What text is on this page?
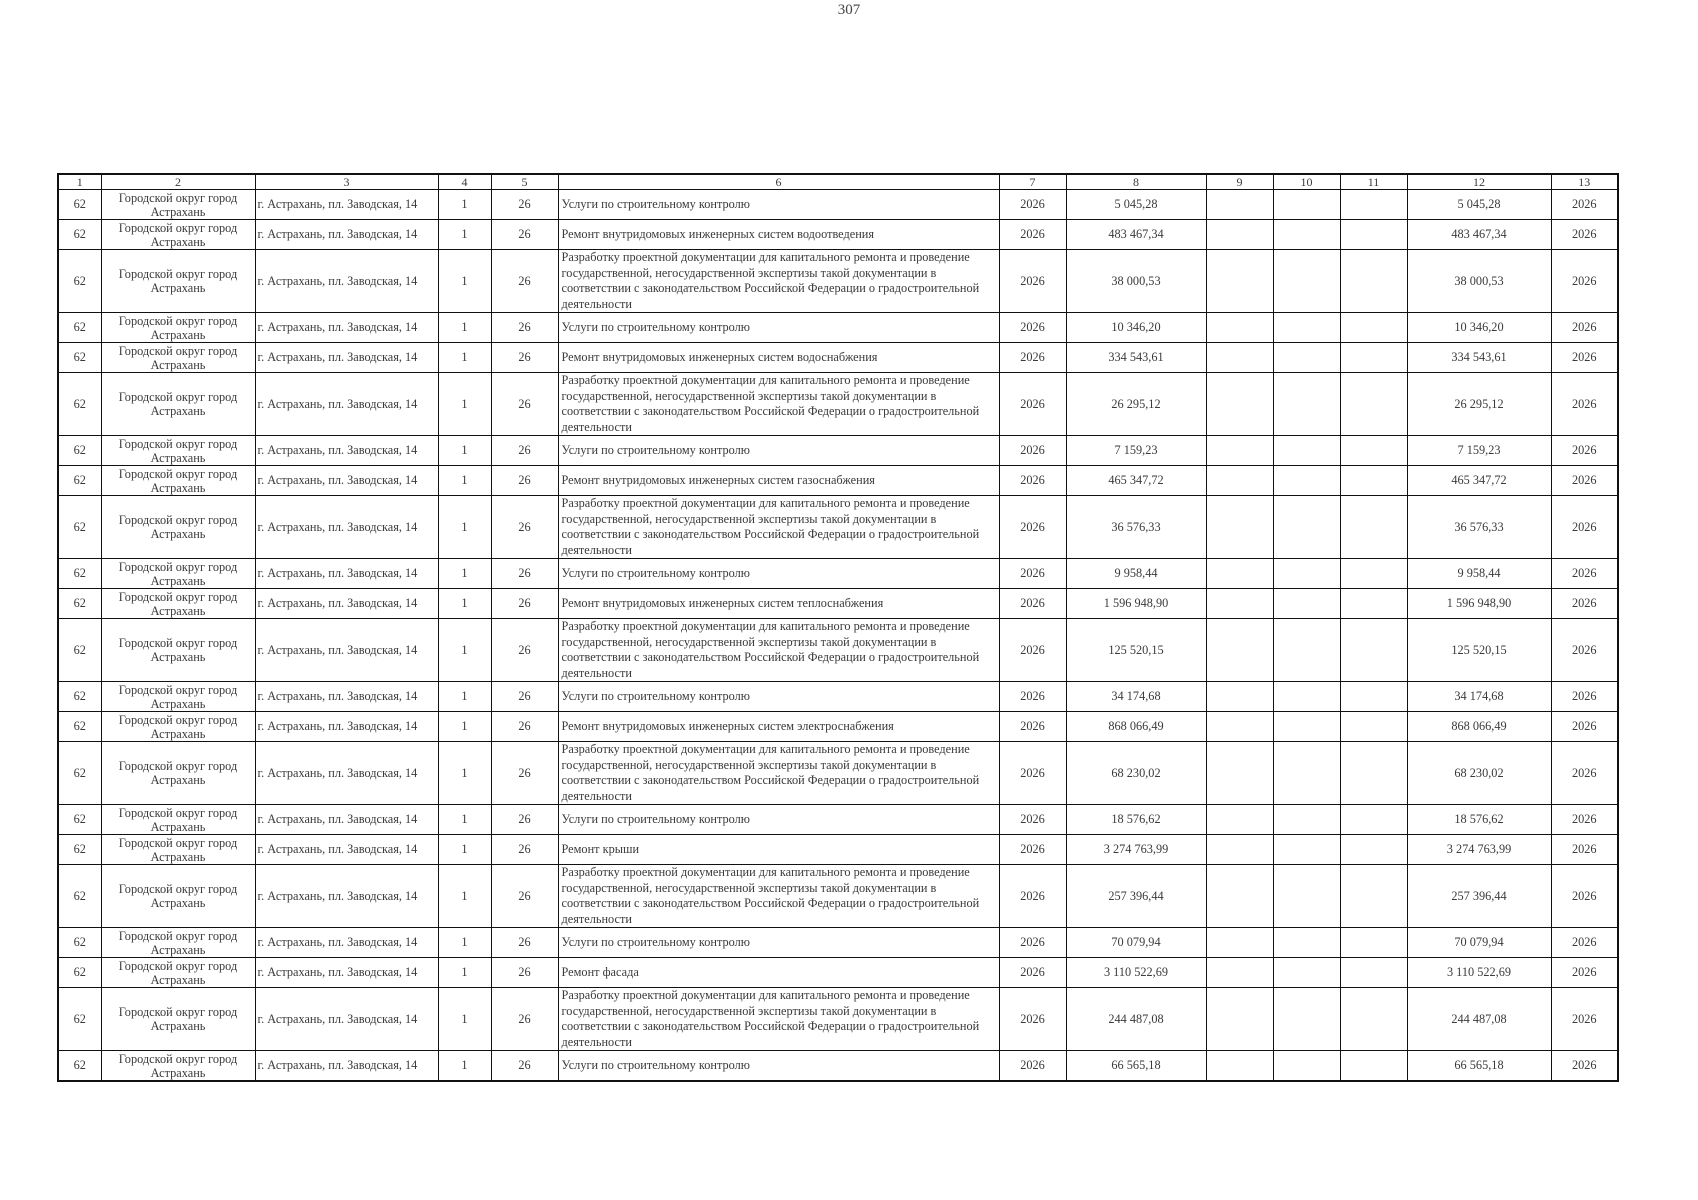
307
1	2	3	4	5	6	7	8	9	10	11	12	13
62	Городской округ город Астрахань	г. Астрахань, пл. Заводская, 14	1	26	Услуги по строительному контролю	2026	5 045,28				5 045,28	2026
62	Городской округ город Астрахань	г. Астрахань, пл. Заводская, 14	1	26	Ремонт внутридомовых инженерных систем водоотведения	2026	483 467,34				483 467,34	2026
62	Городской округ город Астрахань	г. Астрахань, пл. Заводская, 14	1	26	Разработку проектной документации для капитального ремонта и проведение государственной, негосударственной экспертизы такой документации в соответствии с законодательством Российской Федерации о градостроительной деятельности	2026	38 000,53				38 000,53	2026
62	Городской округ город Астрахань	г. Астрахань, пл. Заводская, 14	1	26	Услуги по строительному контролю	2026	10 346,20				10 346,20	2026
62	Городской округ город Астрахань	г. Астрахань, пл. Заводская, 14	1	26	Ремонт внутридомовых инженерных систем водоснабжения	2026	334 543,61				334 543,61	2026
62	Городской округ город Астрахань	г. Астрахань, пл. Заводская, 14	1	26	Разработку проектной документации для капитального ремонта и проведение государственной, негосударственной экспертизы такой документации в соответствии с законодательством Российской Федерации о градостроительной деятельности	2026	26 295,12				26 295,12	2026
62	Городской округ город Астрахань	г. Астрахань, пл. Заводская, 14	1	26	Услуги по строительному контролю	2026	7 159,23				7 159,23	2026
62	Городской округ город Астрахань	г. Астрахань, пл. Заводская, 14	1	26	Ремонт внутридомовых инженерных систем газоснабжения	2026	465 347,72				465 347,72	2026
62	Городской округ город Астрахань	г. Астрахань, пл. Заводская, 14	1	26	Разработку проектной документации для капитального ремонта и проведение государственной, негосударственной экспертизы такой документации в соответствии с законодательством Российской Федерации о градостроительной деятельности	2026	36 576,33				36 576,33	2026
62	Городской округ город Астрахань	г. Астрахань, пл. Заводская, 14	1	26	Услуги по строительному контролю	2026	9 958,44				9 958,44	2026
62	Городской округ город Астрахань	г. Астрахань, пл. Заводская, 14	1	26	Ремонт внутридомовых инженерных систем теплоснабжения	2026	1 596 948,90				1 596 948,90	2026
62	Городской округ город Астрахань	г. Астрахань, пл. Заводская, 14	1	26	Разработку проектной документации для капитального ремонта и проведение государственной, негосударственной экспертизы такой документации в соответствии с законодательством Российской Федерации о градостроительной деятельности	2026	125 520,15				125 520,15	2026
62	Городской округ город Астрахань	г. Астрахань, пл. Заводская, 14	1	26	Услуги по строительному контролю	2026	34 174,68				34 174,68	2026
62	Городской округ город Астрахань	г. Астрахань, пл. Заводская, 14	1	26	Ремонт внутридомовых инженерных систем электроснабжения	2026	868 066,49				868 066,49	2026
62	Городской округ город Астрахань	г. Астрахань, пл. Заводская, 14	1	26	Разработку проектной документации для капитального ремонта и проведение государственной, негосударственной экспертизы такой документации в соответствии с законодательством Российской Федерации о градостроительной деятельности	2026	68 230,02				68 230,02	2026
62	Городской округ город Астрахань	г. Астрахань, пл. Заводская, 14	1	26	Услуги по строительному контролю	2026	18 576,62				18 576,62	2026
62	Городской округ город Астрахань	г. Астрахань, пл. Заводская, 14	1	26	Ремонт крыши	2026	3 274 763,99				3 274 763,99	2026
62	Городской округ город Астрахань	г. Астрахань, пл. Заводская, 14	1	26	Разработку проектной документации для капитального ремонта и проведение государственной, негосударственной экспертизы такой документации в соответствии с законодательством Российской Федерации о градостроительной деятельности	2026	257 396,44				257 396,44	2026
62	Городской округ город Астрахань	г. Астрахань, пл. Заводская, 14	1	26	Услуги по строительному контролю	2026	70 079,94				70 079,94	2026
62	Городской округ город Астрахань	г. Астрахань, пл. Заводская, 14	1	26	Ремонт фасада	2026	3 110 522,69				3 110 522,69	2026
62	Городской округ город Астрахань	г. Астрахань, пл. Заводская, 14	1	26	Разработку проектной документации для капитального ремонта и проведение государственной, негосударственной экспертизы такой документации в соответствии с законодательством Российской Федерации о градостроительной деятельности	2026	244 487,08				244 487,08	2026
62	Городской округ город Астрахань	г. Астрахань, пл. Заводская, 14	1	26	Услуги по строительному контролю	2026	66 565,18				66 565,18	2026
